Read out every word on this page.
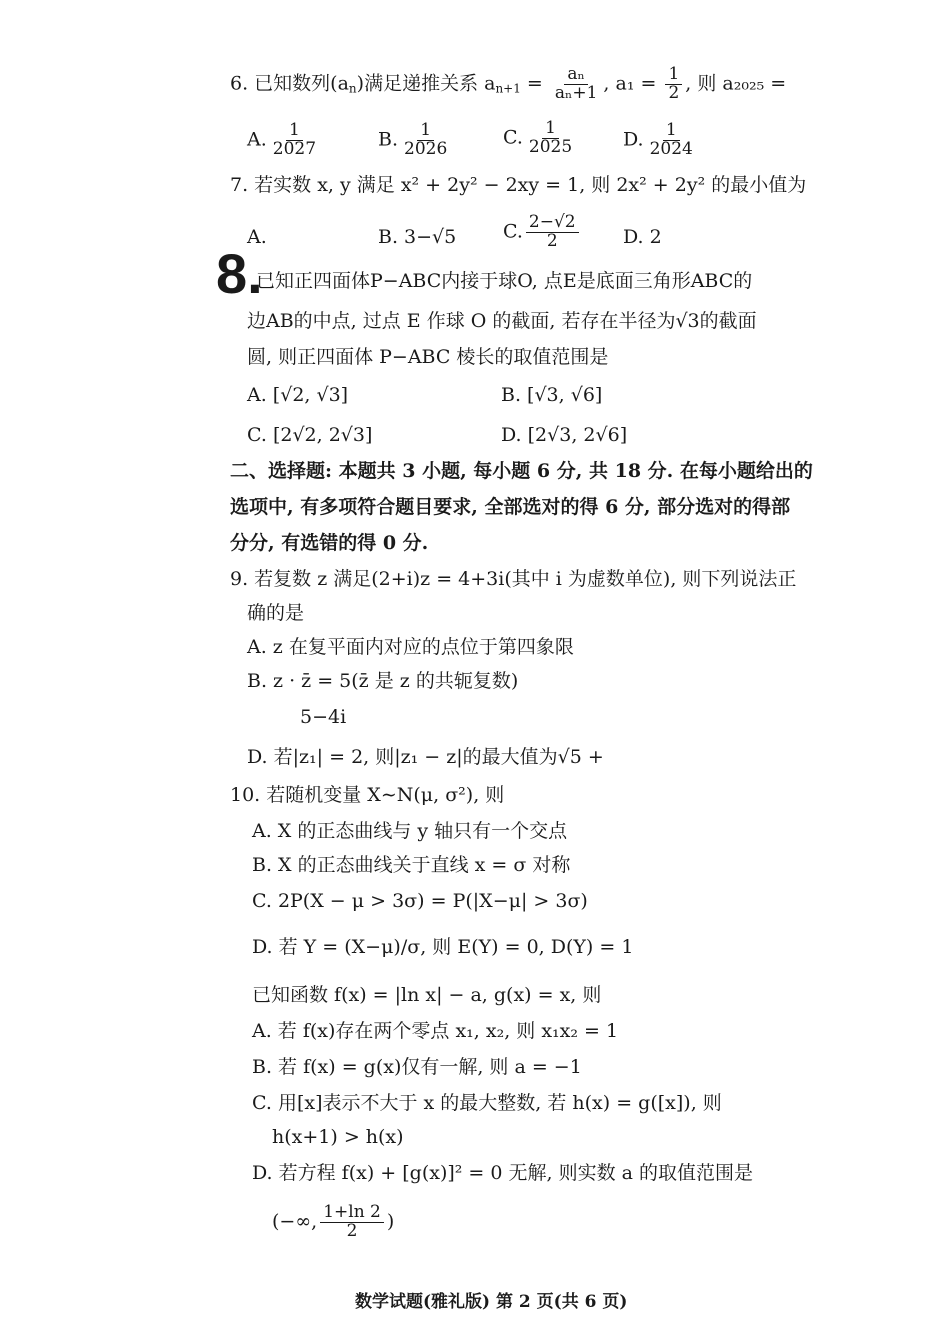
6. 已知数列$(a_n)$满足递推关系 $a_{n+1} = \frac{\text{aₙ}}{\text{aₙ+1}}$ , $a_1 = \frac{1}{2}$ , 则 a₂₀₂₅ =
A. $\frac{1}{2027}$	B. $\frac{1}{2026}$	C. $\frac{1}{2025}$	D. $\frac{1}{2024}$
7. 若实数 x, y 满足 x² + 2y² − 2xy = 1, 则 2x² + 2y² 的最小值为
A.	B. 3−√5 C. $\frac{2-√2}{2} D$. 2
8.
已知正四面体P−ABC内接于球O, 点E是底面三角形ABC的
边AB的中点, 过点 E 作球 O 的截面, 若存在半径为√3的截面
圆, 则正四面体 P−ABC 棱长的取值范围是
A. [√2, √3]	B. [√3, √6]
C. [2√2, 2√3]	D. [2√3, 2√6]
二、选择题: 本题共 3 小题, 每小题 6 分, 共 18 分. 在每小题给出的
选项中, 有多项符合题目要求, 全部选对的得 6 分, 部分选对的得部
分分, 有选错的得 0 分.
9. 若复数 z 满足(2+i)z = 4+3i(其中 i 为虚数单位), 则下列说法正
确的是
A. z 在复平面内对应的点位于第四象限
B. z · z̄ = 5(z̄ 是 z 的共轭复数)
5−4i
D. 若|z₁| = 2, 则|z₁ − z|的最大值为√5 +
10. 若随机变量 X∼N(μ, σ²), 则
A. X 的正态曲线与 y 轴只有一个交点
B. X 的正态曲线关于直线 x = σ 对称
C. 2P(X − μ > 3σ) = P(|X−μ| > 3σ)
D. 若 Y = (X−μ)/σ, 则 E(Y) = 0, D(Y) = 1
已知函数 f(x) = |ln x| − a, g(x) = x, 则
A. 若 f(x)存在两个零点 x₁, x₂, 则 x₁x₂ = 1
B. 若 f(x) = g(x)仅有一解, 则 a = −1
C. 用[x]表示不大于 x 的最大整数, 若 h(x) = g([x]), 则
h(x+1) > h(x)
D. 若方程 f(x) + [g(x)]² = 0 无解, 则实数 a 的取值范围是
(−∞, $\frac{1+\ln 2}{2}$ )
数学试题(雅礼版) 第 2 页(共 6 页)
